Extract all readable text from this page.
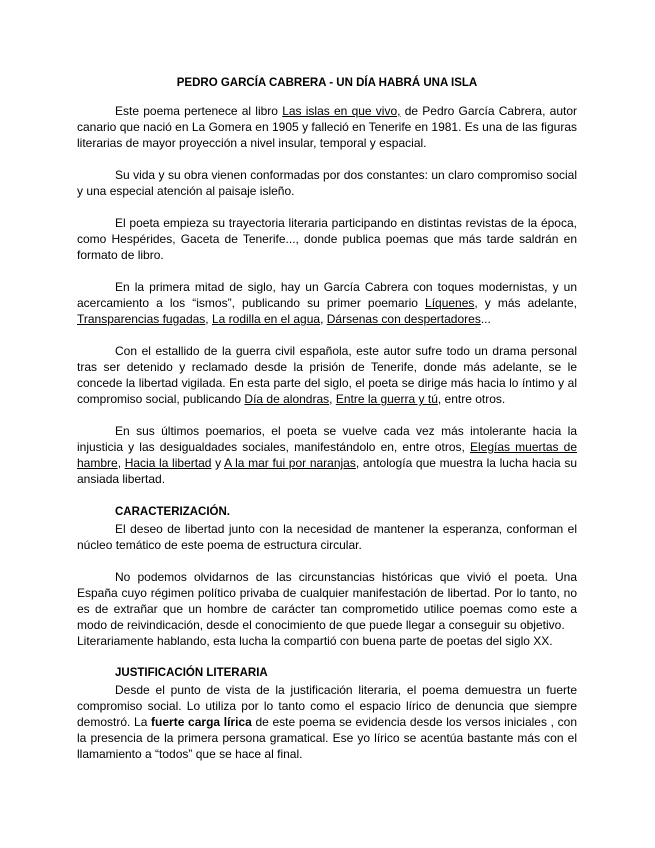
PEDRO GARCÍA CABRERA - UN DÍA HABRÁ UNA ISLA

Este poema pertenece al libro Las islas en que vivo, de Pedro García Cabrera, autor canario que nació en La Gomera en 1905 y falleció en Tenerife en 1981. Es una de las figuras literarias de mayor proyección a nivel insular, temporal y espacial.

Su vida y su obra vienen conformadas por dos constantes: un claro compromiso social y una especial atención al paisaje isleño.

El poeta empieza su trayectoria literaria participando en distintas revistas de la época, como Hespérides, Gaceta de Tenerife..., donde publica poemas que más tarde saldrán en formato de libro.

En la primera mitad de siglo, hay un García Cabrera con toques modernistas, y un acercamiento a los “ismos”, publicando su primer poemario Líquenes, y más adelante, Transparencias fugadas, La rodilla en el agua, Dársenas con despertadores...

Con el estallido de la guerra civil española, este autor sufre todo un drama personal tras ser detenido y reclamado desde la prisión de Tenerife, donde más adelante, se le concede la libertad vigilada. En esta parte del siglo, el poeta se dirige más hacia lo íntimo y al compromiso social, publicando Día de alondras, Entre la guerra y tú, entre otros.

En sus últimos poemarios, el poeta se vuelve cada vez más intolerante hacia la injusticia y las desigualdades sociales, manifestándolo en, entre otros, Elegías muertas de hambre, Hacia la libertad y A la mar fui por naranjas, antología que muestra la lucha hacia su ansiada libertad.

CARACTERIZACIÓN.

El deseo de libertad junto con la necesidad de mantener la esperanza, conforman el núcleo temático de este poema de estructura circular.

No podemos olvidarnos de las circunstancias históricas que vivió el poeta. Una España cuyo régimen político privaba de cualquier manifestación de libertad. Por lo tanto, no es de extrañar que un hombre de carácter tan comprometido utilice poemas como este a modo de reivindicación, desde el conocimiento de que puede llegar a conseguir su objetivo.

Literariamente hablando, esta lucha la compartió con buena parte de poetas del siglo XX.

JUSTIFICACIÓN LITERARIA

Desde el punto de vista de la justificación literaria, el poema demuestra un fuerte compromiso social. Lo utiliza por lo tanto como el espacio lírico de denuncia que siempre demostró. La fuerte carga lírica de este poema se evidencia desde los versos iniciales , con la presencia de la primera persona gramatical. Ese yo lírico se acentúa bastante más con el llamamiento a “todos” que se hace al final.
